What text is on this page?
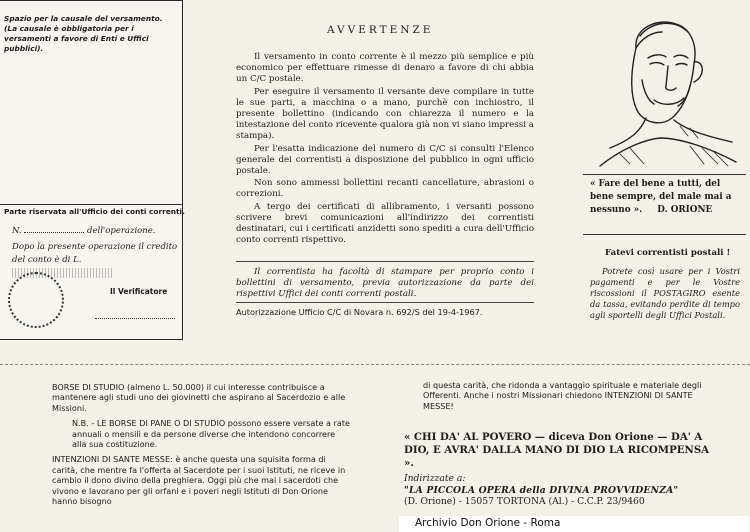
Spazio per la causale del versamento.
(La causale è obbligatoria per i versamenti a favore di Enti e Uffici pubblici).
Parte riservata all'Ufficio dei conti correnti.
N.	dell'operazione.
Dopo la presente operazione il credito
del conto è di L.
Il Verificatore
AVVERTENZE

Il versamento in conto corrente è il mezzo più semplice e più economico per effettuare rimesse di denaro a favore di chi abbia un C/C postale.

Per eseguire il versamento il versante deve compilare in tutte le sue parti, a macchina o a mano, purchè con inchiostro, il presente bollettino (indicando con chiarezza il numero e la intestazione del conto ricevente qualora già non vi siano impressi a stampa).

Per l'esatta indicazione del numero di C/C si consulti l'Elenco generale dei correntisti a disposizione del pubblico in ogni ufficio postale.

Non sono ammessi bollettini recanti cancellature, abrasioni o correzioni.

A tergo dei certificati di allibramento, i versanti possono scrivere brevi comunicazioni all'indirizzo dei correntisti destinatari, cui i certificati anzidetti sono spediti a cura dell'Ufficio conto correnti rispettivo.

Il correntista ha facoltà di stampare per proprio conto i bollettini di versamento, previa autorizzazione da parte dei rispettivi Uffici dei conti correnti postali.
Autorizzazione Ufficio C/C di Novara n. 692/S del 19-4-1967.
« Fare del bene a tutti, del bene sempre, del male mai a nessuno ». D. ORIONE
Fatevi correntisti postali !
Potrete così usare per i Vostri pagamenti e per le Vostre riscossioni il POSTAGIRO esente da tassa, evitando perdite di tempo agli sportelli degli Uffici Postali.

BORSE DI STUDIO (almeno L. 50.000) il cui interesse contribuisce a mantenere agli studi uno dei giovinetti che aspirano al Sacerdozio e alle Missioni.

N.B. - LE BORSE DI PANE O DI STUDIO possono essere versate a rate annuali o mensili e da persone diverse che intendono concorrere alla sua costituzione.

INTENZIONI DI SANTE MESSE: è anche questa una squisita forma di carità, che mentre fa l'offerta al Sacerdote per i suoi Istituti, ne riceve in cambio il dono divino della preghiera. Oggi più che mai i sacerdoti che vivono e lavorano per gli orfani e i poveri negli Istituti di Don Orione hanno bisogno

di questa carità, che ridonda a vantaggio spirituale e materiale degli Offerenti. Anche i nostri Missionari chiedono INTENZIONI DI SANTE MESSE!
« CHI DA' AL POVERO — diceva Don Orione — DA' A DIO, E AVRA' DALLA MANO DI DIO LA RICOMPENSA ».
Indirizzate a:
"LA PICCOLA OPERA della DIVINA PROVVIDENZA"
(D. Orione) - 15057 TORTONA (Al.) - C.C.P. 23/9460
Archivio Don Orione - Roma
